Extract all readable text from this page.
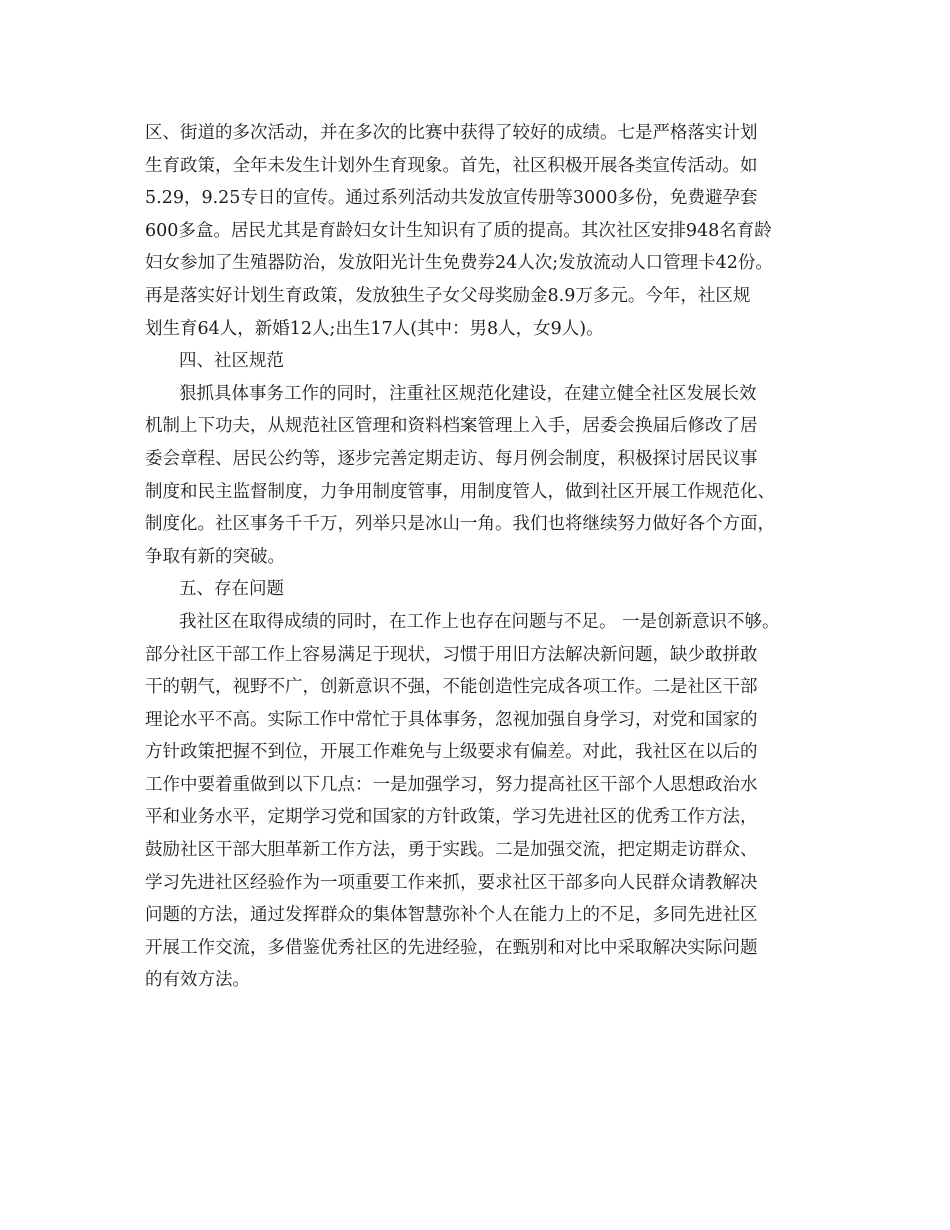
区、街道的多次活动，并在多次的比赛中获得了较好的成绩。七是严格落实计划
生育政策，全年未发生计划外生育现象。首先，社区积极开展各类宣传活动。如
5.29，9.25专日的宣传。通过系列活动共发放宣传册等3000多份，免费避孕套
600多盒。居民尤其是育龄妇女计生知识有了质的提高。其次社区安排948名育龄
妇女参加了生殖器防治，发放阳光计生免费券24人次;发放流动人口管理卡42份。
再是落实好计划生育政策，发放独生子女父母奖励金8.9万多元。今年，社区规
划生育64人，新婚12人;出生17人(其中：男8人，女9人)。
四、社区规范
狠抓具体事务工作的同时，注重社区规范化建设，在建立健全社区发展长效
机制上下功夫，从规范社区管理和资料档案管理上入手，居委会换届后修改了居
委会章程、居民公约等，逐步完善定期走访、每月例会制度，积极探讨居民议事
制度和民主监督制度，力争用制度管事，用制度管人，做到社区开展工作规范化、
制度化。社区事务千千万，列举只是冰山一角。我们也将继续努力做好各个方面，
争取有新的突破。
五、存在问题
我社区在取得成绩的同时，在工作上也存在问题与不足。 一是创新意识不够。
部分社区干部工作上容易满足于现状，习惯于用旧方法解决新问题，缺少敢拼敢
干的朝气，视野不广，创新意识不强，不能创造性完成各项工作。二是社区干部
理论水平不高。实际工作中常忙于具体事务，忽视加强自身学习，对党和国家的
方针政策把握不到位，开展工作难免与上级要求有偏差。对此，我社区在以后的
工作中要着重做到以下几点：一是加强学习，努力提高社区干部个人思想政治水
平和业务水平，定期学习党和国家的方针政策，学习先进社区的优秀工作方法，
鼓励社区干部大胆革新工作方法，勇于实践。二是加强交流，把定期走访群众、
学习先进社区经验作为一项重要工作来抓，要求社区干部多向人民群众请教解决
问题的方法，通过发挥群众的集体智慧弥补个人在能力上的不足，多同先进社区
开展工作交流，多借鉴优秀社区的先进经验，在甄别和对比中采取解决实际问题
的有效方法。
